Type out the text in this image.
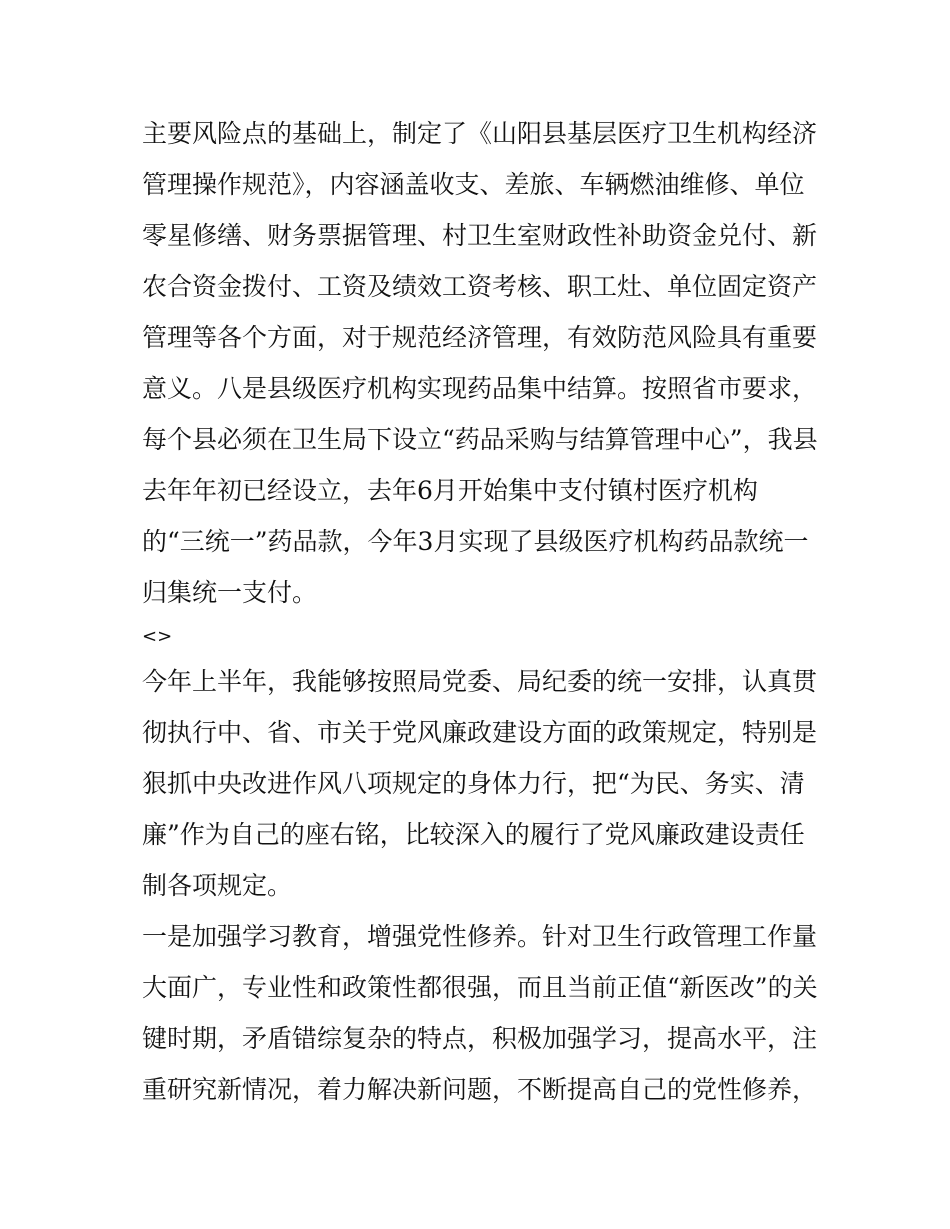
主要风险点的基础上，制定了《山阳县基层医疗卫生机构经济
管理操作规范》，内容涵盖收支、差旅、车辆燃油维修、单位
零星修缮、财务票据管理、村卫生室财政性补助资金兑付、新
农合资金拨付、工资及绩效工资考核、职工灶、单位固定资产
管理等各个方面，对于规范经济管理，有效防范风险具有重要
意义。八是县级医疗机构实现药品集中结算。按照省市要求，
每个县必须在卫生局下设立“药品采购与结算管理中心”，我县
去年年初已经设立，去年6月开始集中支付镇村医疗机构
的“三统一”药品款，今年3月实现了县级医疗机构药品款统一
归集统一支付。
<>
今年上半年，我能够按照局党委、局纪委的统一安排，认真贯
彻执行中、省、市关于党风廉政建设方面的政策规定，特别是
狠抓中央改进作风八项规定的身体力行，把“为民、务实、清
廉”作为自己的座右铭，比较深入的履行了党风廉政建设责任
制各项规定。
一是加强学习教育，增强党性修养。针对卫生行政管理工作量
大面广，专业性和政策性都很强，而且当前正值“新医改”的关
键时期，矛盾错综复杂的特点，积极加强学习，提高水平，注
重研究新情况，着力解决新问题，不断提高自己的党性修养，
